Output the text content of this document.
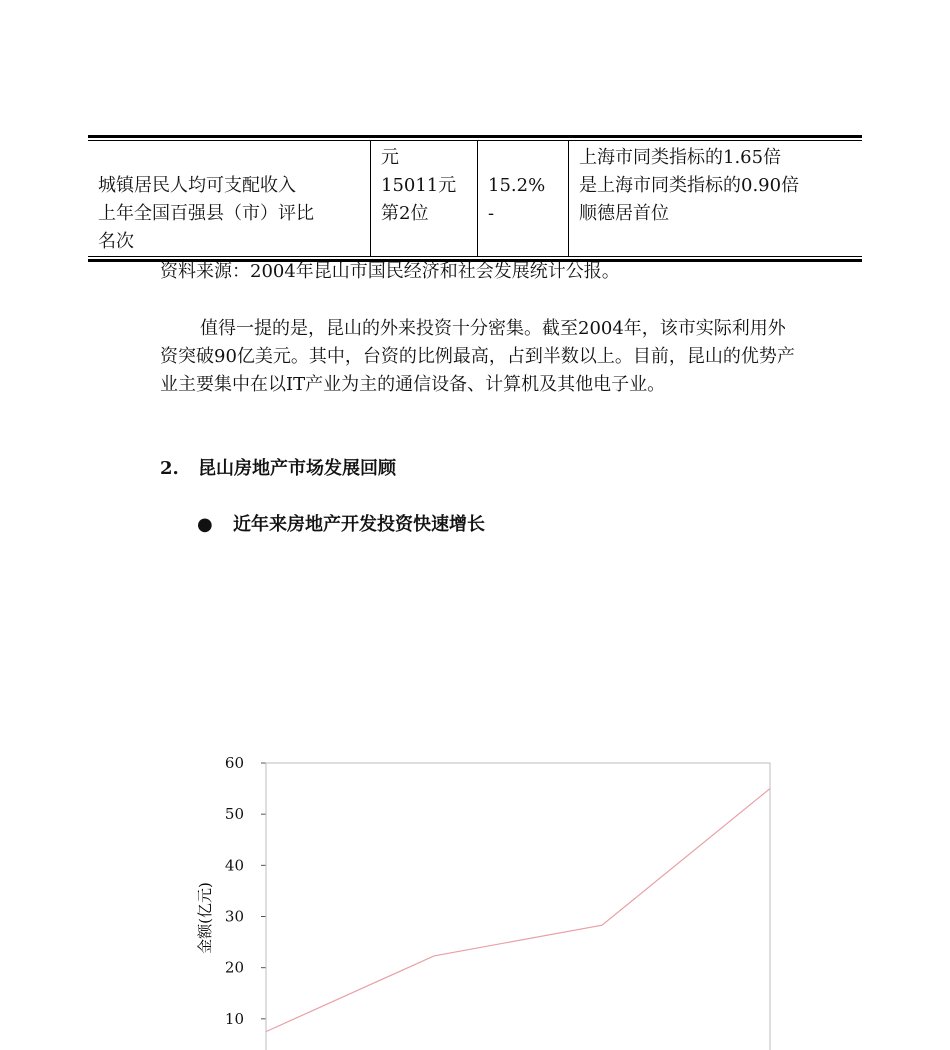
城镇居民人均可支配收入
上年全国百强县（市）评比
名次

元
15011元
第2位

15.2%
-

上海市同类指标的1.65倍
是上海市同类指标的0.90倍
顺德居首位
资料来源：2004年昆山市国民经济和社会发展统计公报。

值得一提的是，昆山的外来投资十分密集。截至2004年，该市实际利用外资突破90亿美元。其中，台资的比例最高，占到半数以上。目前，昆山的优势产业主要集中在以IT产业为主的通信设备、计算机及其他电子业。

2. 昆山房地产市场发展回顾
● 近年来房地产开发投资快速增长
10
20
30
40
50
60
金额(亿元)
